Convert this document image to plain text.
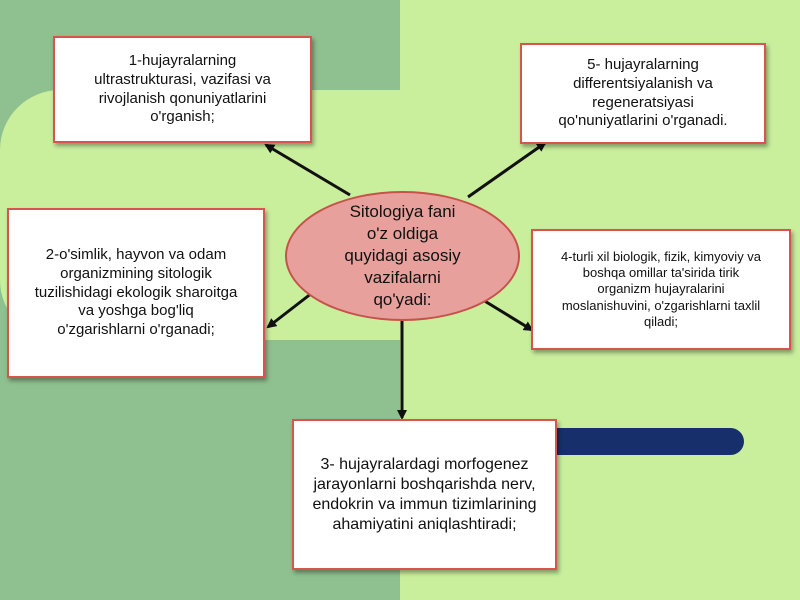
1-hujayralarning
ultrastrukturasi, vazifasi va
rivojlanish qonuniyatlarini
o'rganish;
5- hujayralarning
differentsiyalanish va
regeneratsiyasi
qo'nuniyatlarini o'rganadi.
2-o'simlik, hayvon va odam
organizmining sitologik
tuzilishidagi ekologik sharoitga
va yoshga bog'liq
o'zgarishlarni o'rganadi;
4-turli xil biologik, fizik, kimyoviy va
boshqa omillar ta'sirida tirik
organizm hujayralarini
moslanishuvini, o'zgarishlarni taxlil
qiladi;
3- hujayralardagi morfogenez
jarayonlarni boshqarishda nerv,
endokrin va immun tizimlarining
ahamiyatini aniqlashtiradi;
Sitologiya fani
o'z oldiga
quyidagi asosiy
vazifalarni
qo'yadi:
